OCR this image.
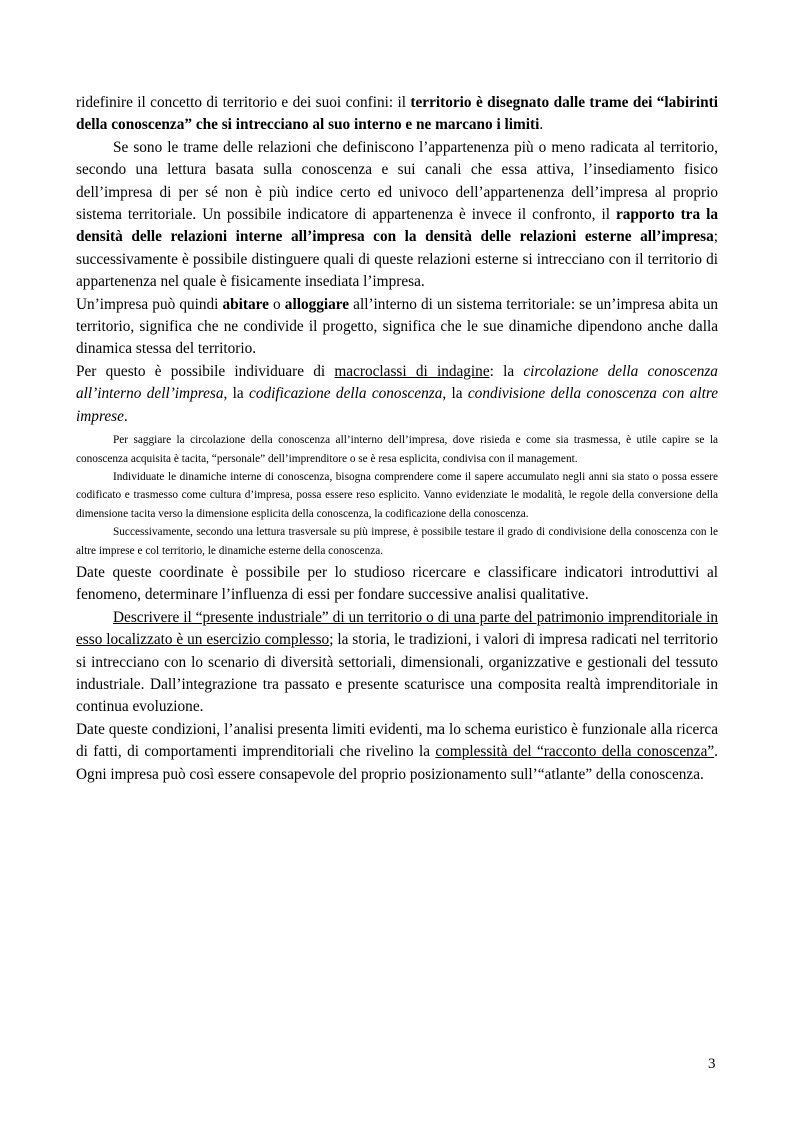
ridefinire il concetto di territorio e dei suoi confini: il territorio è disegnato dalle trame dei “labirinti della conoscenza” che si intrecciano al suo interno e ne marcano i limiti.

Se sono le trame delle relazioni che definiscono l’appartenenza più o meno radicata al territorio, secondo una lettura basata sulla conoscenza e sui canali che essa attiva, l’insediamento fisico dell’impresa di per sé non è più indice certo ed univoco dell’appartenenza dell’impresa al proprio sistema territoriale. Un possibile indicatore di appartenenza è invece il confronto, il rapporto tra la densità delle relazioni interne all’impresa con la densità delle relazioni esterne all’impresa; successivamente è possibile distinguere quali di queste relazioni esterne si intrecciano con il territorio di appartenenza nel quale è fisicamente insediata l’impresa.

Un’impresa può quindi abitare o alloggiare all’interno di un sistema territoriale: se un’impresa abita un territorio, significa che ne condivide il progetto, significa che le sue dinamiche dipendono anche dalla dinamica stessa del territorio.

Per questo è possibile individuare di macroclassi di indagine: la circolazione della conoscenza all’interno dell’impresa, la codificazione della conoscenza, la condivisione della conoscenza con altre imprese.

Per saggiare la circolazione della conoscenza all’interno dell’impresa, dove risieda e come sia trasmessa, è utile capire se la conoscenza acquisita è tacita, “personale” dell’imprenditore o se è resa esplicita, condivisa con il management.

Individuate le dinamiche interne di conoscenza, bisogna comprendere come il sapere accumulato negli anni sia stato o possa essere codificato e trasmesso come cultura d’impresa, possa essere reso esplicito. Vanno evidenziate le modalità, le regole della conversione della dimensione tacita verso la dimensione esplicita della conoscenza, la codificazione della conoscenza.

Successivamente, secondo una lettura trasversale su più imprese, è possibile testare il grado di condivisione della conoscenza con le altre imprese e col territorio, le dinamiche esterne della conoscenza.

Date queste coordinate è possibile per lo studioso ricercare e classificare indicatori introduttivi al fenomeno, determinare l’influenza di essi per fondare successive analisi qualitative.

Descrivere il “presente industriale” di un territorio o di una parte del patrimonio imprenditoriale in esso localizzato è un esercizio complesso; la storia, le tradizioni, i valori di impresa radicati nel territorio si intrecciano con lo scenario di diversità settoriali, dimensionali, organizzative e gestionali del tessuto industriale. Dall’integrazione tra passato e presente scaturisce una composita realtà imprenditoriale in continua evoluzione.

Date queste condizioni, l’analisi presenta limiti evidenti, ma lo schema euristico è funzionale alla ricerca di fatti, di comportamenti imprenditoriali che rivelino la complessità del “racconto della conoscenza”. Ogni impresa può così essere consapevole del proprio posizionamento sull’“atlante” della conoscenza.

3
